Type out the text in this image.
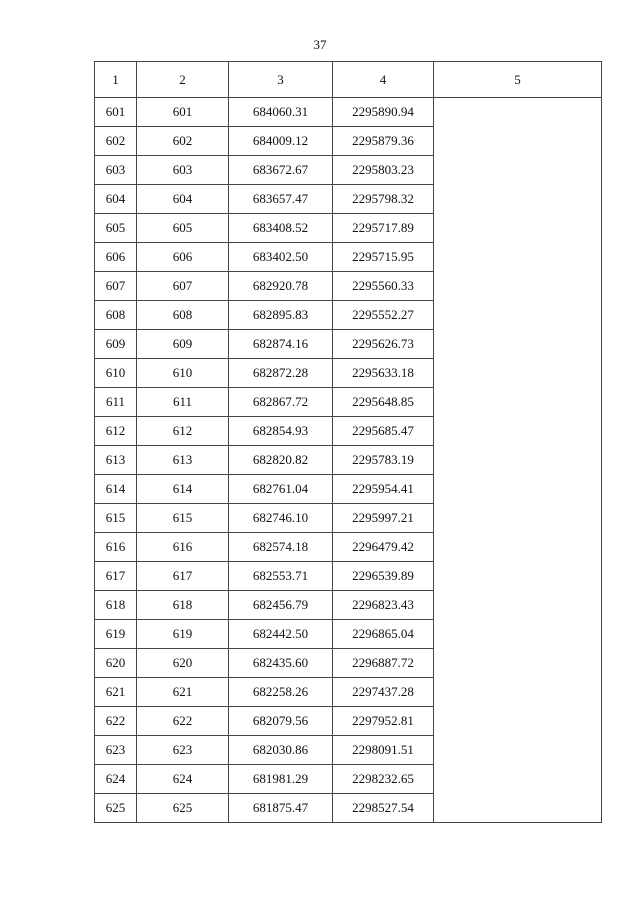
37
1	2	3	4	5
601	601	684060.31	2295890.94	
602	602	684009.12	2295879.36	
603	603	683672.67	2295803.23	
604	604	683657.47	2295798.32	
605	605	683408.52	2295717.89	
606	606	683402.50	2295715.95	
607	607	682920.78	2295560.33	
608	608	682895.83	2295552.27	
609	609	682874.16	2295626.73	
610	610	682872.28	2295633.18	
611	611	682867.72	2295648.85	
612	612	682854.93	2295685.47	
613	613	682820.82	2295783.19	
614	614	682761.04	2295954.41	
615	615	682746.10	2295997.21	
616	616	682574.18	2296479.42	
617	617	682553.71	2296539.89	
618	618	682456.79	2296823.43	
619	619	682442.50	2296865.04	
620	620	682435.60	2296887.72	
621	621	682258.26	2297437.28	
622	622	682079.56	2297952.81	
623	623	682030.86	2298091.51	
624	624	681981.29	2298232.65	
625	625	681875.47	2298527.54	
